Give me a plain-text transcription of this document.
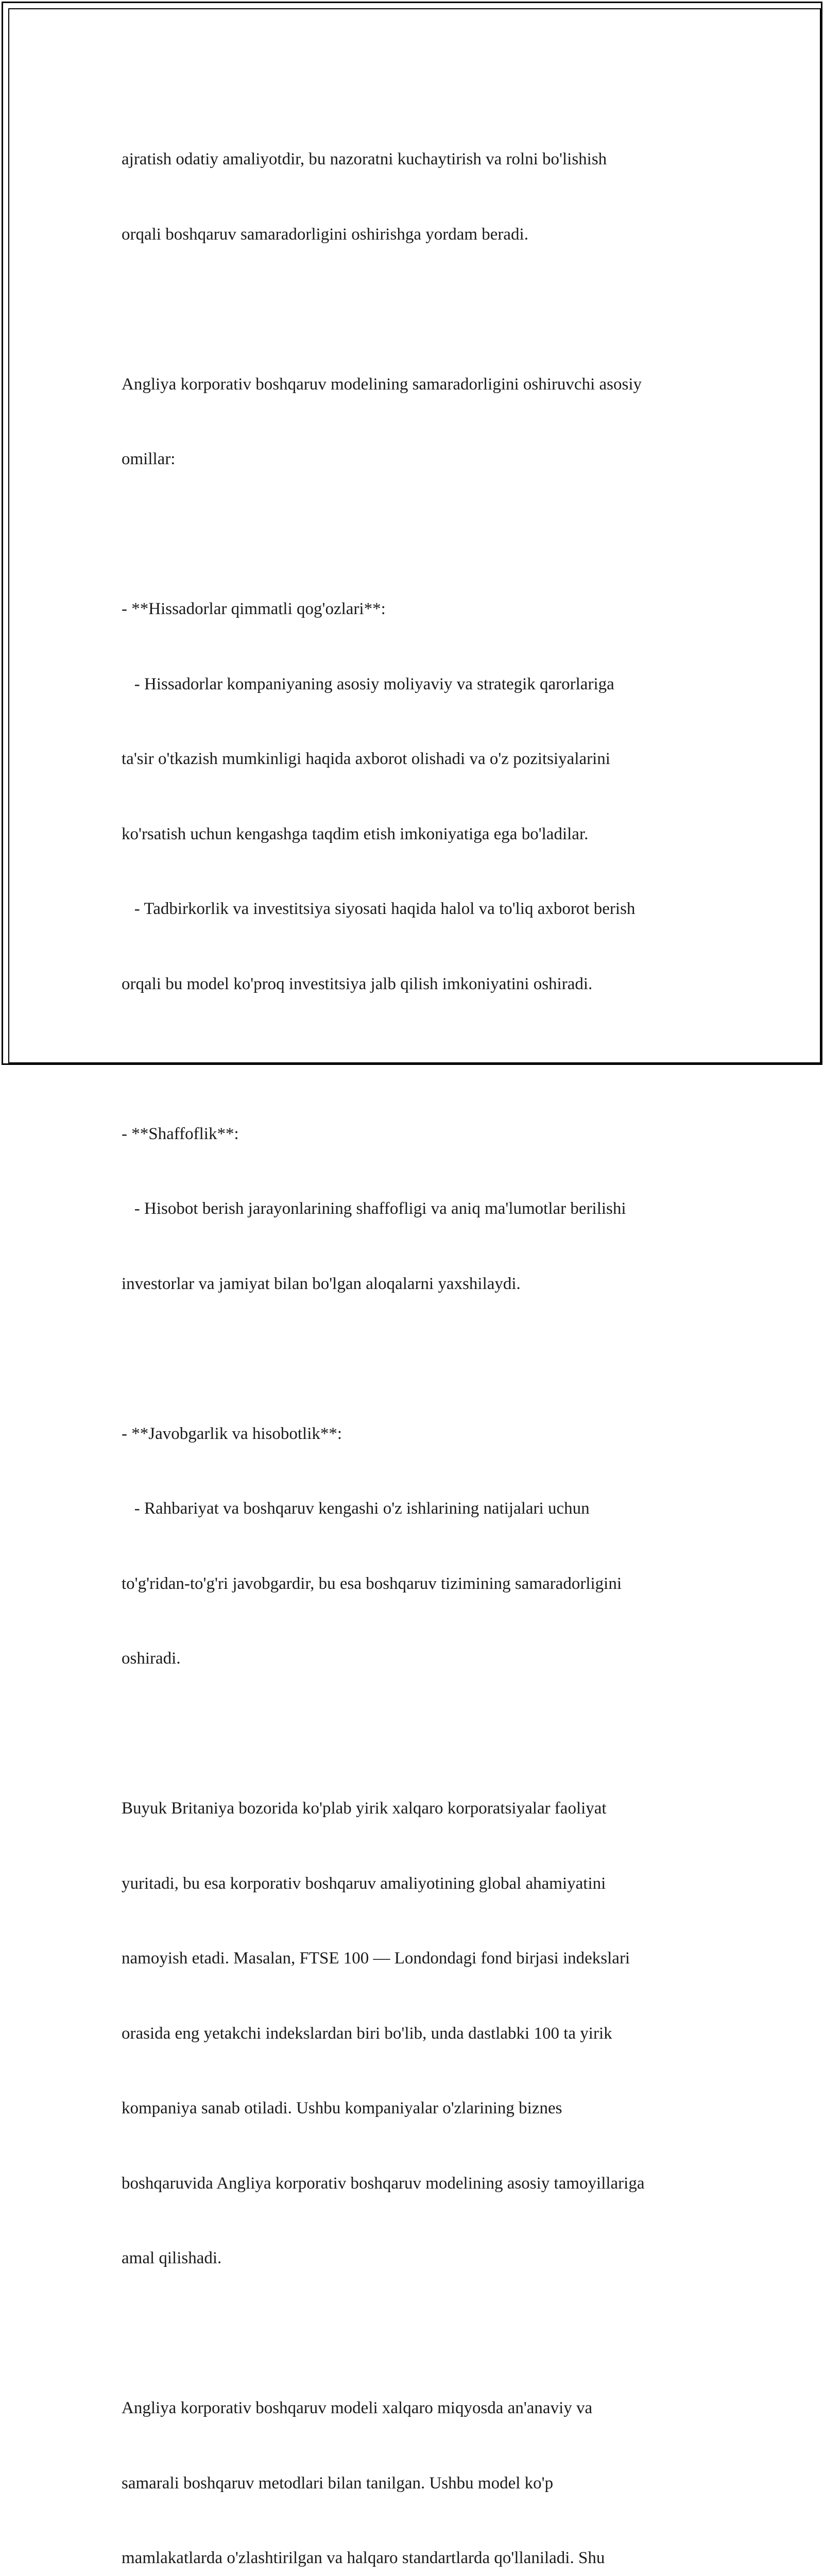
ajratish odatiy amaliyotdir, bu nazoratni kuchaytirish va rolni bo'lishish

orqali boshqaruv samaradorligini oshirishga yordam beradi.

Angliya korporativ boshqaruv modelining samaradorligini oshiruvchi asosiy

omillar:

- **Hissadorlar qimmatli qog'ozlari**:

- Hissadorlar kompaniyaning asosiy moliyaviy va strategik qarorlariga

ta'sir o'tkazish mumkinligi haqida axborot olishadi va o'z pozitsiyalarini

ko'rsatish uchun kengashga taqdim etish imkoniyatiga ega bo'ladilar.

- Tadbirkorlik va investitsiya siyosati haqida halol va to'liq axborot berish

orqali bu model ko'proq investitsiya jalb qilish imkoniyatini oshiradi.

- **Shaffoflik**:

- Hisobot berish jarayonlarining shaffofligi va aniq ma'lumotlar berilishi

investorlar va jamiyat bilan bo'lgan aloqalarni yaxshilaydi.

- **Javobgarlik va hisobotlik**:

- Rahbariyat va boshqaruv kengashi o'z ishlarining natijalari uchun

to'g'ridan-to'g'ri javobgardir, bu esa boshqaruv tizimining samaradorligini

oshiradi.

Buyuk Britaniya bozorida ko'plab yirik xalqaro korporatsiyalar faoliyat

yuritadi, bu esa korporativ boshqaruv amaliyotining global ahamiyatini

namoyish etadi. Masalan, FTSE 100 — Londondagi fond birjasi indekslari

orasida eng yetakchi indekslardan biri bo'lib, unda dastlabki 100 ta yirik

kompaniya sanab otiladi. Ushbu kompaniyalar o'zlarining biznes

boshqaruvida Angliya korporativ boshqaruv modelining asosiy tamoyillariga

amal qilishadi.

Angliya korporativ boshqaruv modeli xalqaro miqyosda an'anaviy va

samarali boshqaruv metodlari bilan tanilgan. Ushbu model ko'p

mamlakatlarda o'zlashtirilgan va halqaro standartlarda qo'llaniladi. Shu
